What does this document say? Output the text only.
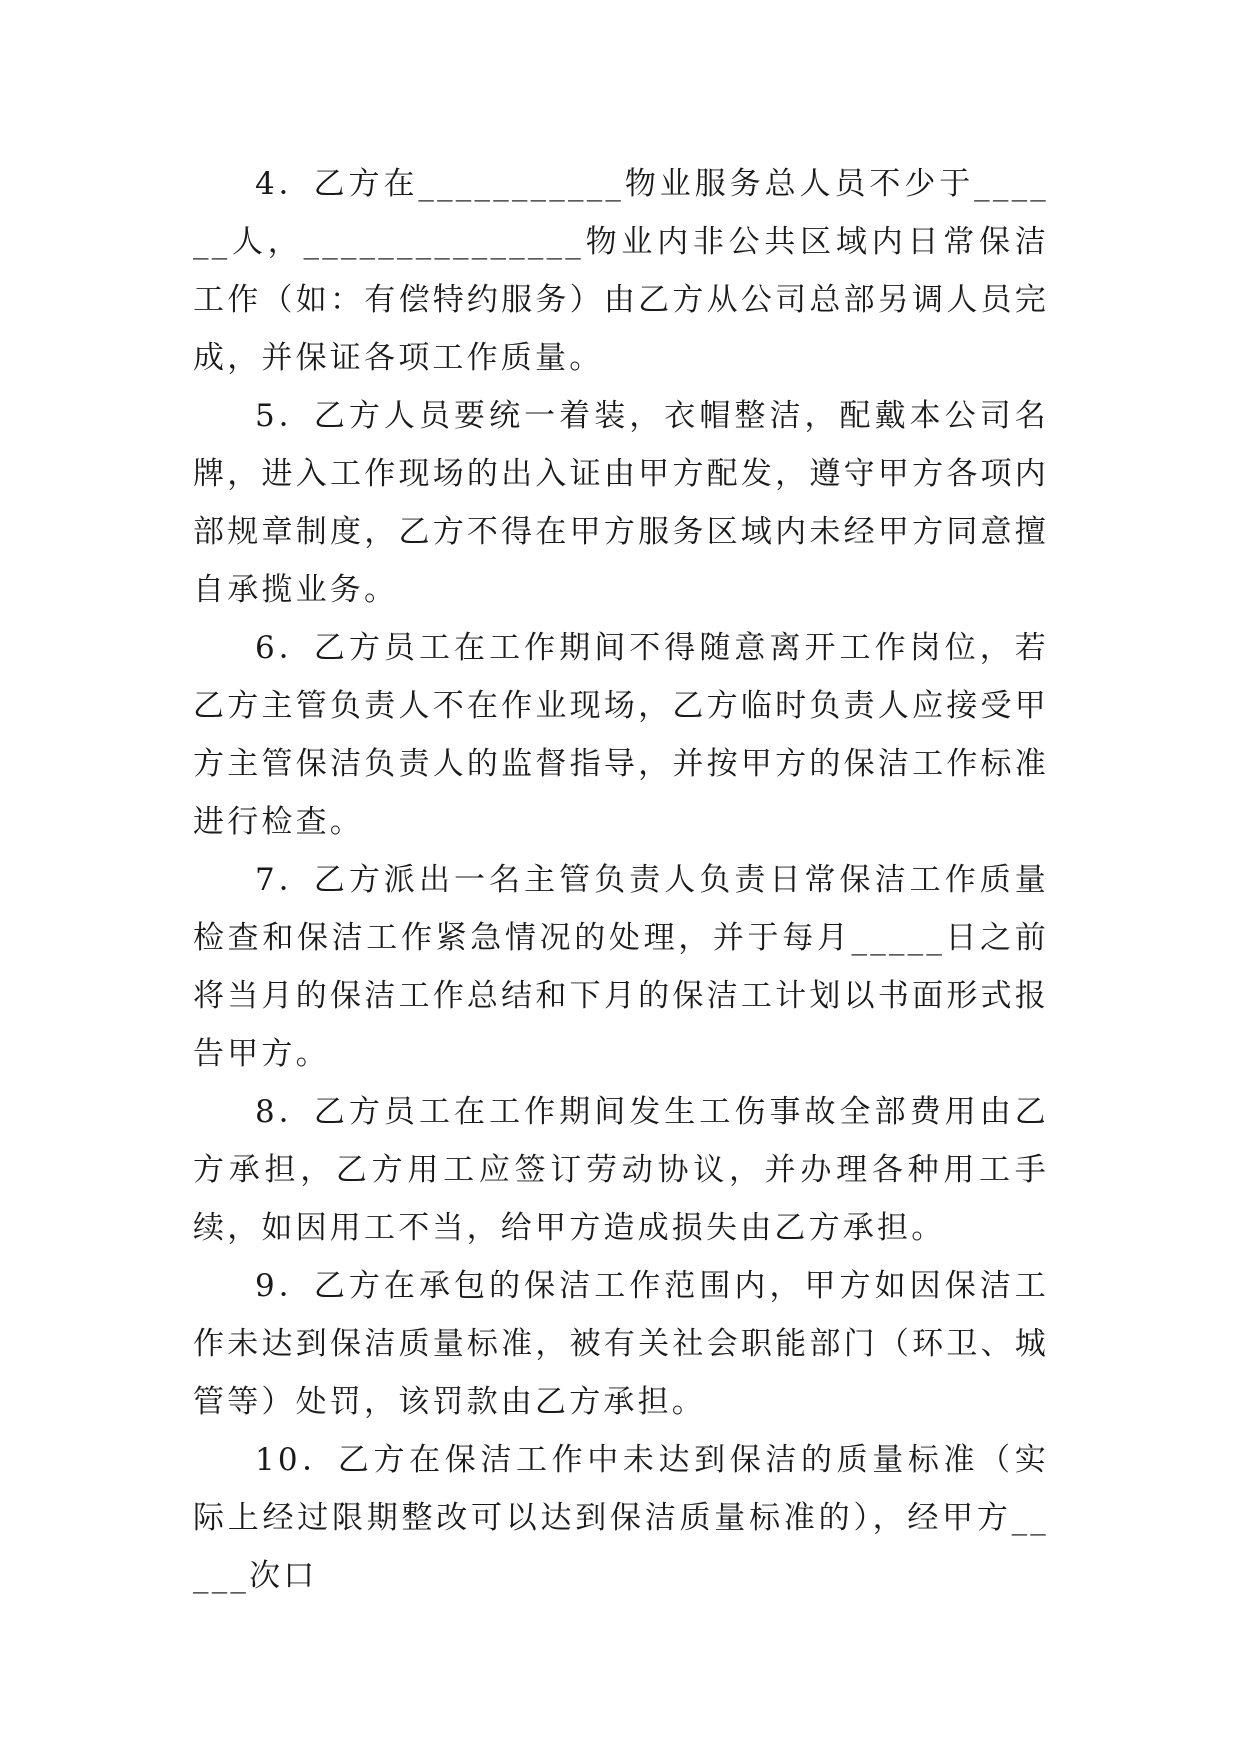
4．乙方在___________物业服务总人员不少于______人，_______________物业内非公共区域内日常保洁工作（如：有偿特约服务）由乙方从公司总部另调人员完成，并保证各项工作质量。

5．乙方人员要统一着装，衣帽整洁，配戴本公司名牌，进入工作现场的出入证由甲方配发，遵守甲方各项内部规章制度，乙方不得在甲方服务区域内未经甲方同意擅自承揽业务。

6．乙方员工在工作期间不得随意离开工作岗位，若乙方主管负责人不在作业现场，乙方临时负责人应接受甲方主管保洁负责人的监督指导，并按甲方的保洁工作标准进行检查。

7．乙方派出一名主管负责人负责日常保洁工作质量检查和保洁工作紧急情况的处理，并于每月_____日之前将当月的保洁工作总结和下月的保洁工计划以书面形式报告甲方。

8．乙方员工在工作期间发生工伤事故全部费用由乙方承担，乙方用工应签订劳动协议，并办理各种用工手续，如因用工不当，给甲方造成损失由乙方承担。

9．乙方在承包的保洁工作范围内，甲方如因保洁工作未达到保洁质量标准，被有关社会职能部门（环卫、城管等）处罚，该罚款由乙方承担。

10．乙方在保洁工作中未达到保洁的质量标准（实际上经过限期整改可以达到保洁质量标准的），经甲方_____次口
